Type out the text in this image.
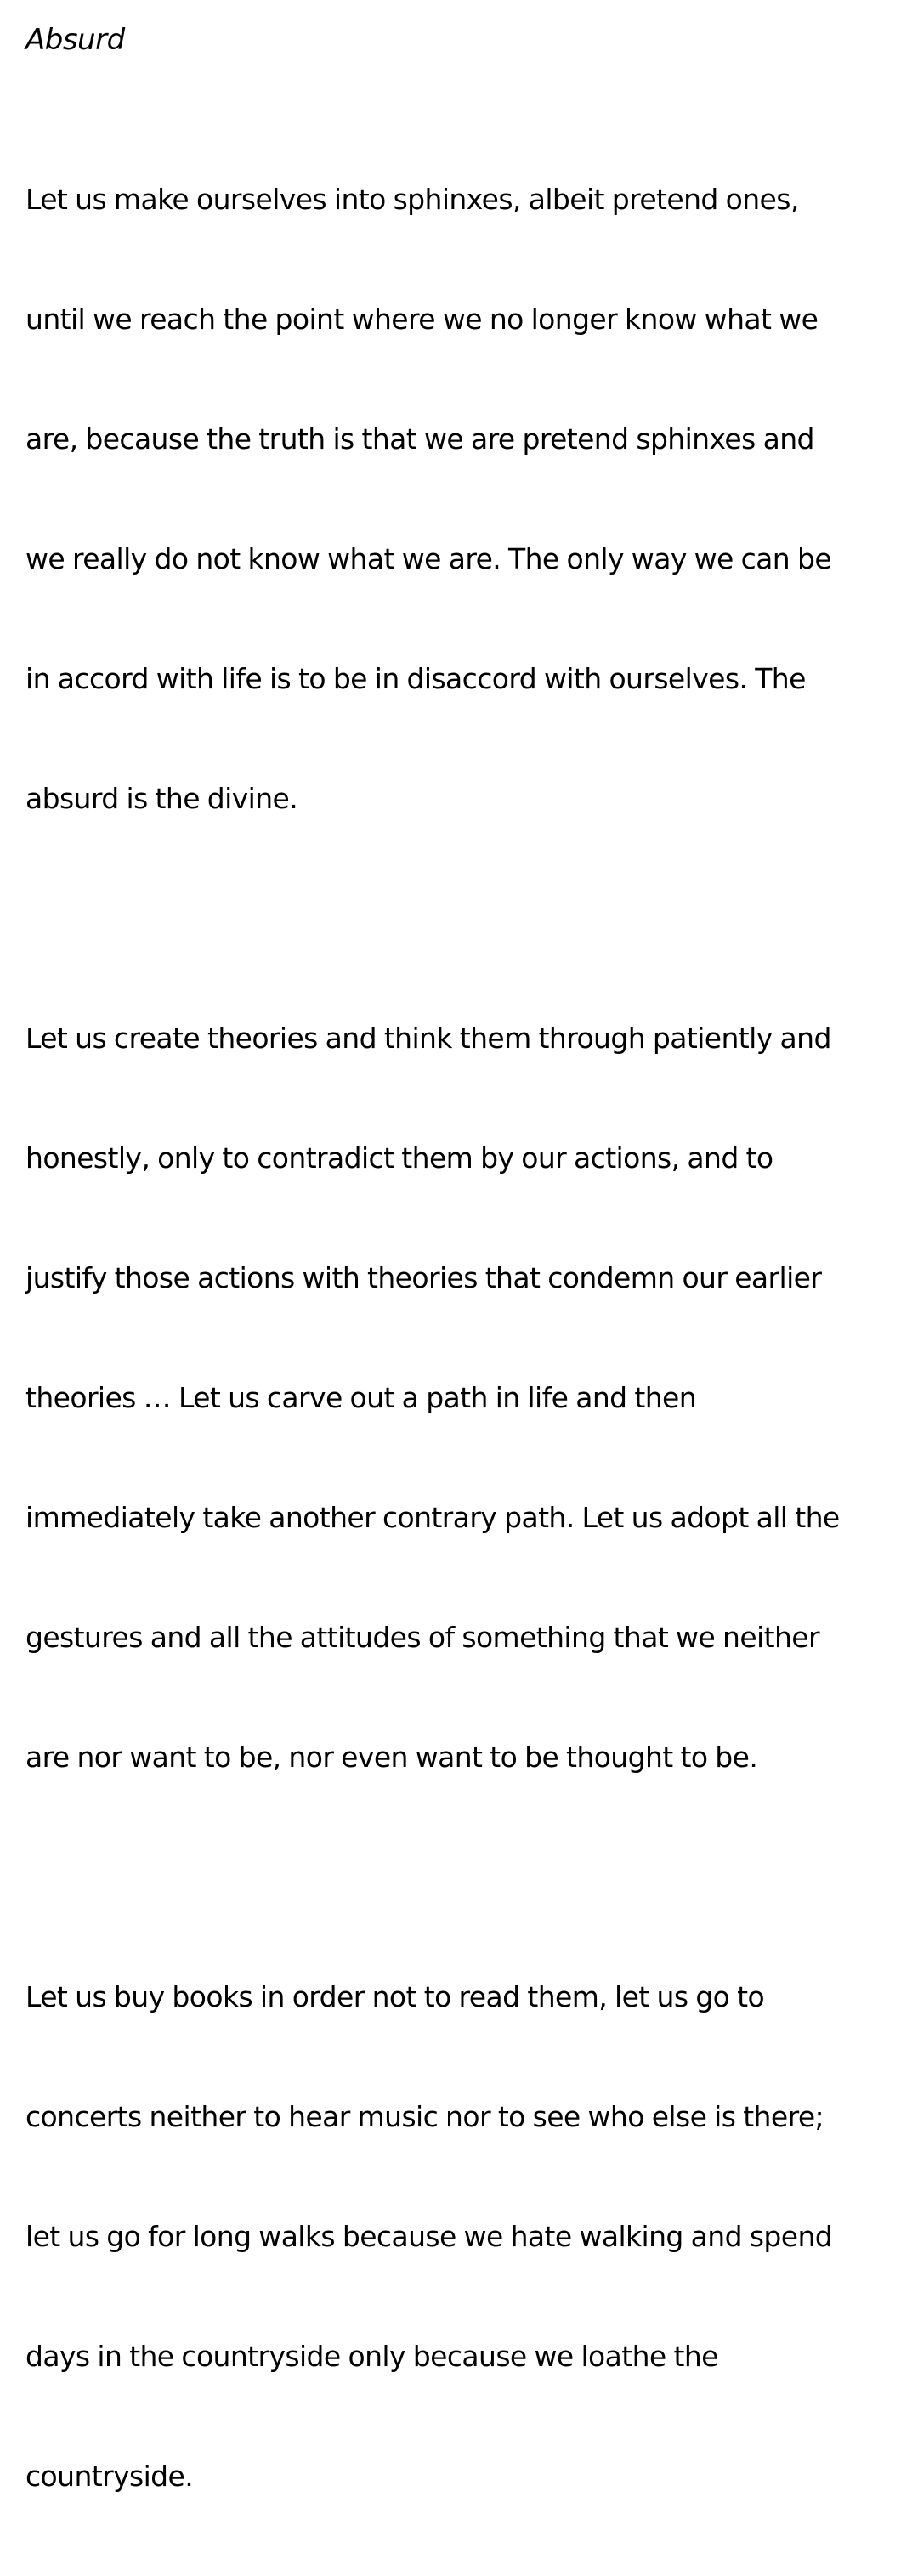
Absurd

Let us make ourselves into sphinxes, albeit pretend ones,

until we reach the point where we no longer know what we

are, because the truth is that we are pretend sphinxes and

we really do not know what we are. The only way we can be

in accord with life is to be in disaccord with ourselves. The

absurd is the divine.

Let us create theories and think them through patiently and

honestly, only to contradict them by our actions, and to

justify those actions with theories that condemn our earlier

theories … Let us carve out a path in life and then

immediately take another contrary path. Let us adopt all the

gestures and all the attitudes of something that we neither

are nor want to be, nor even want to be thought to be.

Let us buy books in order not to read them, let us go to

concerts neither to hear music nor to see who else is there;

let us go for long walks because we hate walking and spend

days in the countryside only because we loathe the

countryside.
